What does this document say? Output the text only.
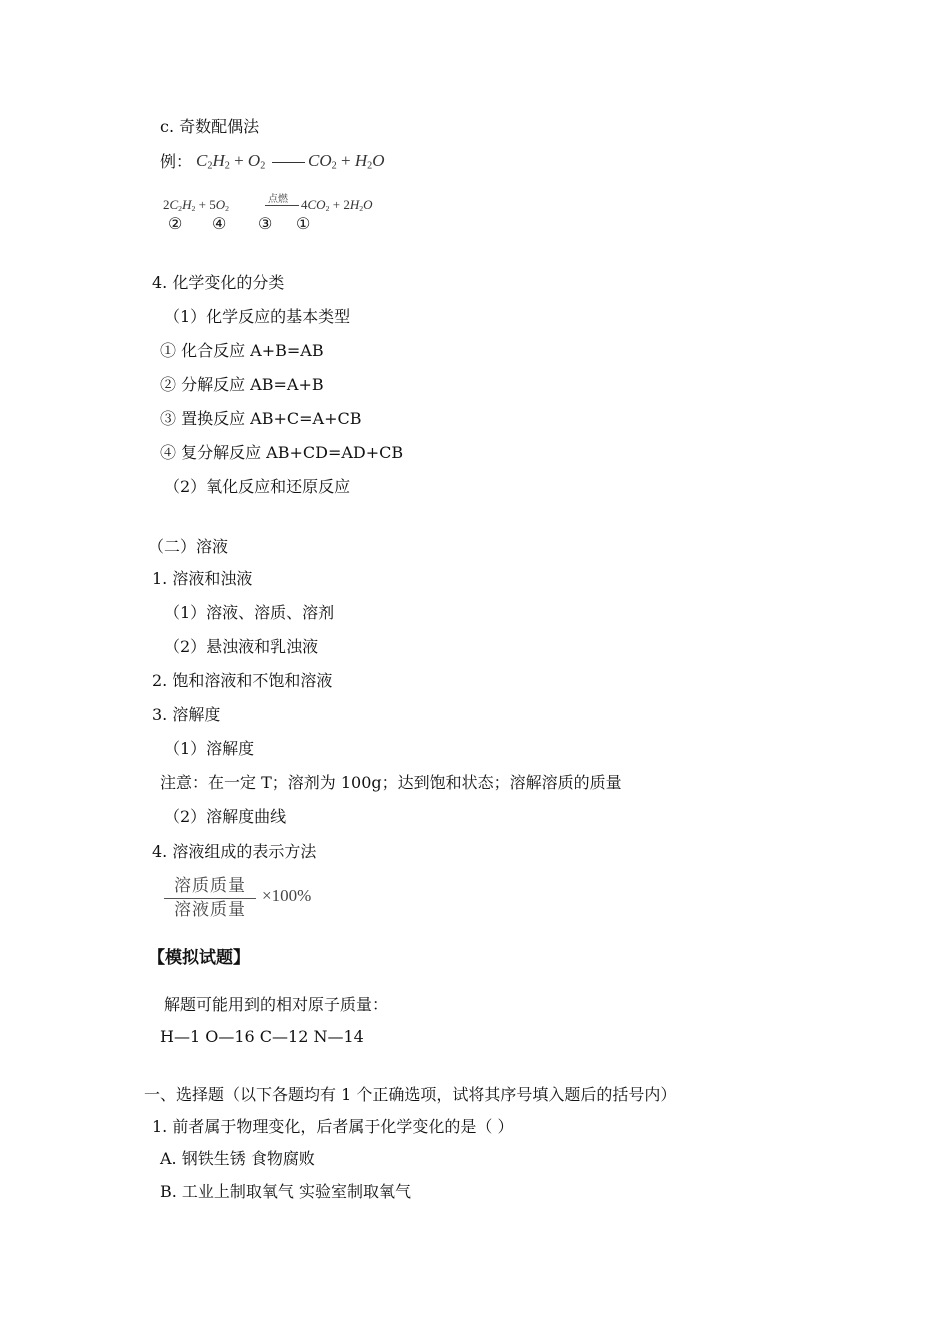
c. 奇数配偶法
例： $C_2H_2 + O_2$	$CO_2 + H_2O$
$2C_2H_2 + 5O_2$
点燃 $4CO_2 + 2H_2O$
② ④ ③ ①
4. 化学变化的分类
（1）化学反应的基本类型
① 化合反应 A+B=AB
② 分解反应 AB=A+B
③ 置换反应 AB+C=A+CB
④ 复分解反应 AB+CD=AD+CB
（2）氧化反应和还原反应
（二）溶液
1. 溶液和浊液
（1）溶液、溶质、溶剂
（2）悬浊液和乳浊液
2. 饱和溶液和不饱和溶液
3. 溶解度
（1）溶解度
注意：在一定 T；溶剂为 100g；达到饱和状态；溶解溶质的质量
（2）溶解度曲线
4. 溶液组成的表示方法
溶质质量
溶液质量
×100%
【模拟试题】
解题可能用到的相对原子质量：
H—1 O—16 C—12 N—14
一、选择题（以下各题均有 1 个正确选项，试将其序号填入题后的括号内）
1. 前者属于物理变化，后者属于化学变化的是（ ）
A. 钢铁生锈 食物腐败
B. 工业上制取氧气 实验室制取氧气
